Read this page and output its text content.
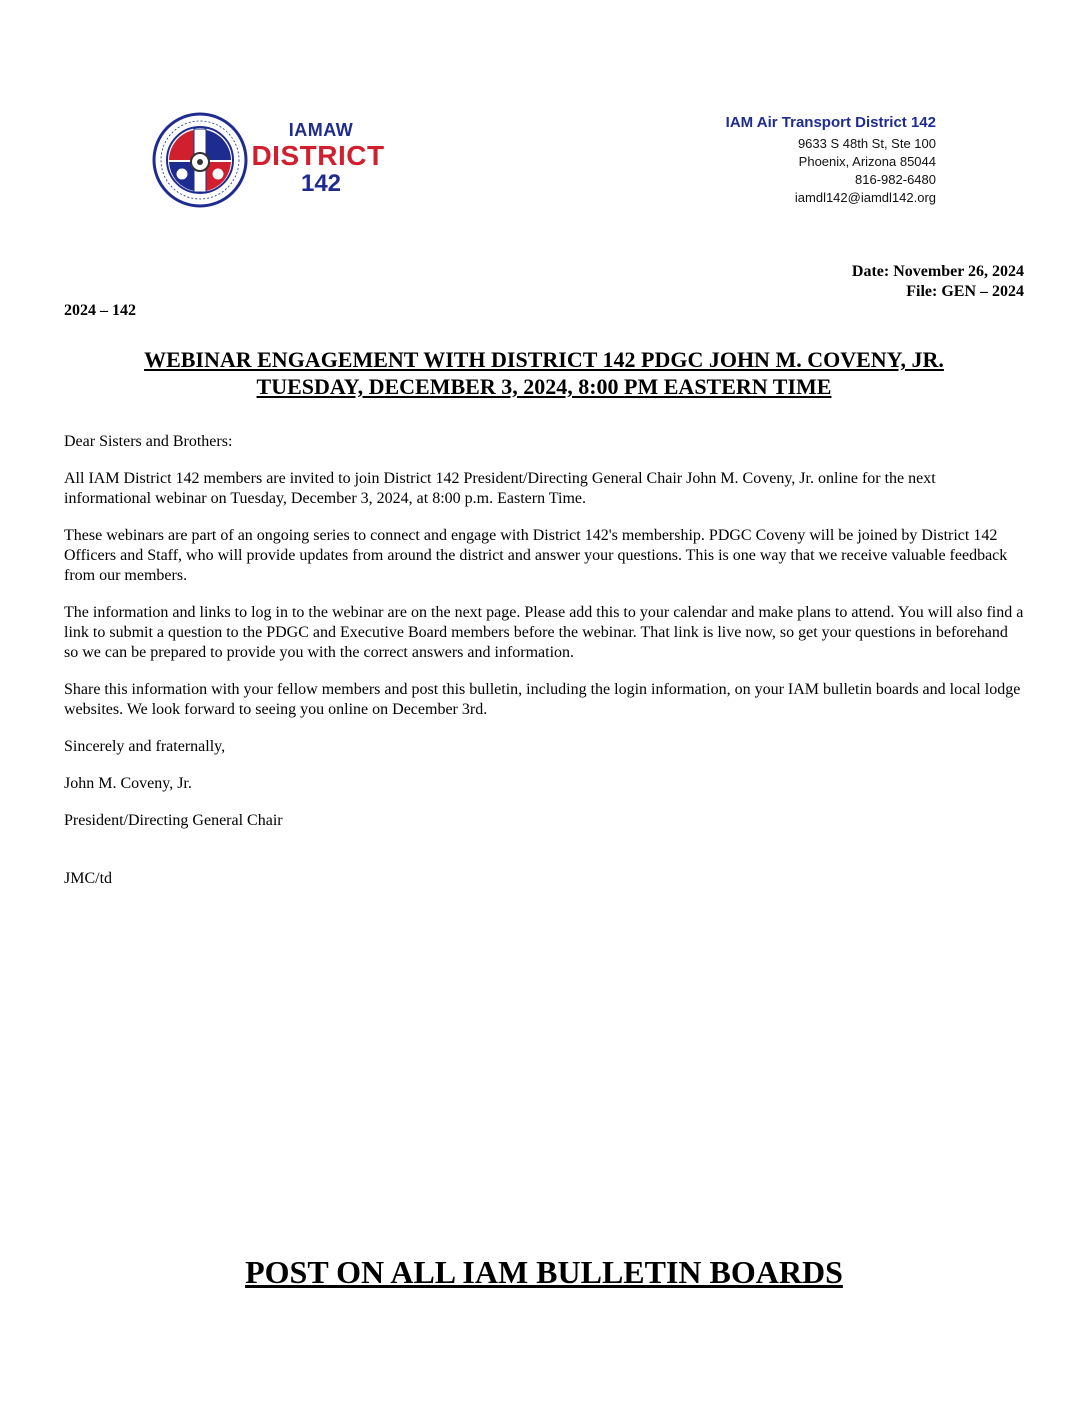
IAMAW
DISTRICT
142
IAM Air Transport District 142
9633 S 48th St, Ste 100
Phoenix, Arizona 85044
816-982-6480
iamdl142@iamdl142.org
Date: November 26, 2024
File: GEN – 2024
2024 – 142
WEBINAR ENGAGEMENT WITH DISTRICT 142 PDGC JOHN M. COVENY, JR.
TUESDAY, DECEMBER 3, 2024, 8:00 PM EASTERN TIME

Dear Sisters and Brothers:

All IAM District 142 members are invited to join District 142 President/Directing General Chair John M. Coveny, Jr. online for the next informational webinar on Tuesday, December 3, 2024, at 8:00 p.m. Eastern Time.

These webinars are part of an ongoing series to connect and engage with District 142's membership. PDGC Coveny will be joined by District 142 Officers and Staff, who will provide updates from around the district and answer your questions. This is one way that we receive valuable feedback from our members.

The information and links to log in to the webinar are on the next page. Please add this to your calendar and make plans to attend. You will also find a link to submit a question to the PDGC and Executive Board members before the webinar. That link is live now, so get your questions in beforehand so we can be prepared to provide you with the correct answers and information.

Share this information with your fellow members and post this bulletin, including the login information, on your IAM bulletin boards and local lodge websites. We look forward to seeing you online on December 3rd.

Sincerely and fraternally,

John M. Coveny, Jr.

President/Directing General Chair

JMC/td

POST ON ALL IAM BULLETIN BOARDS
